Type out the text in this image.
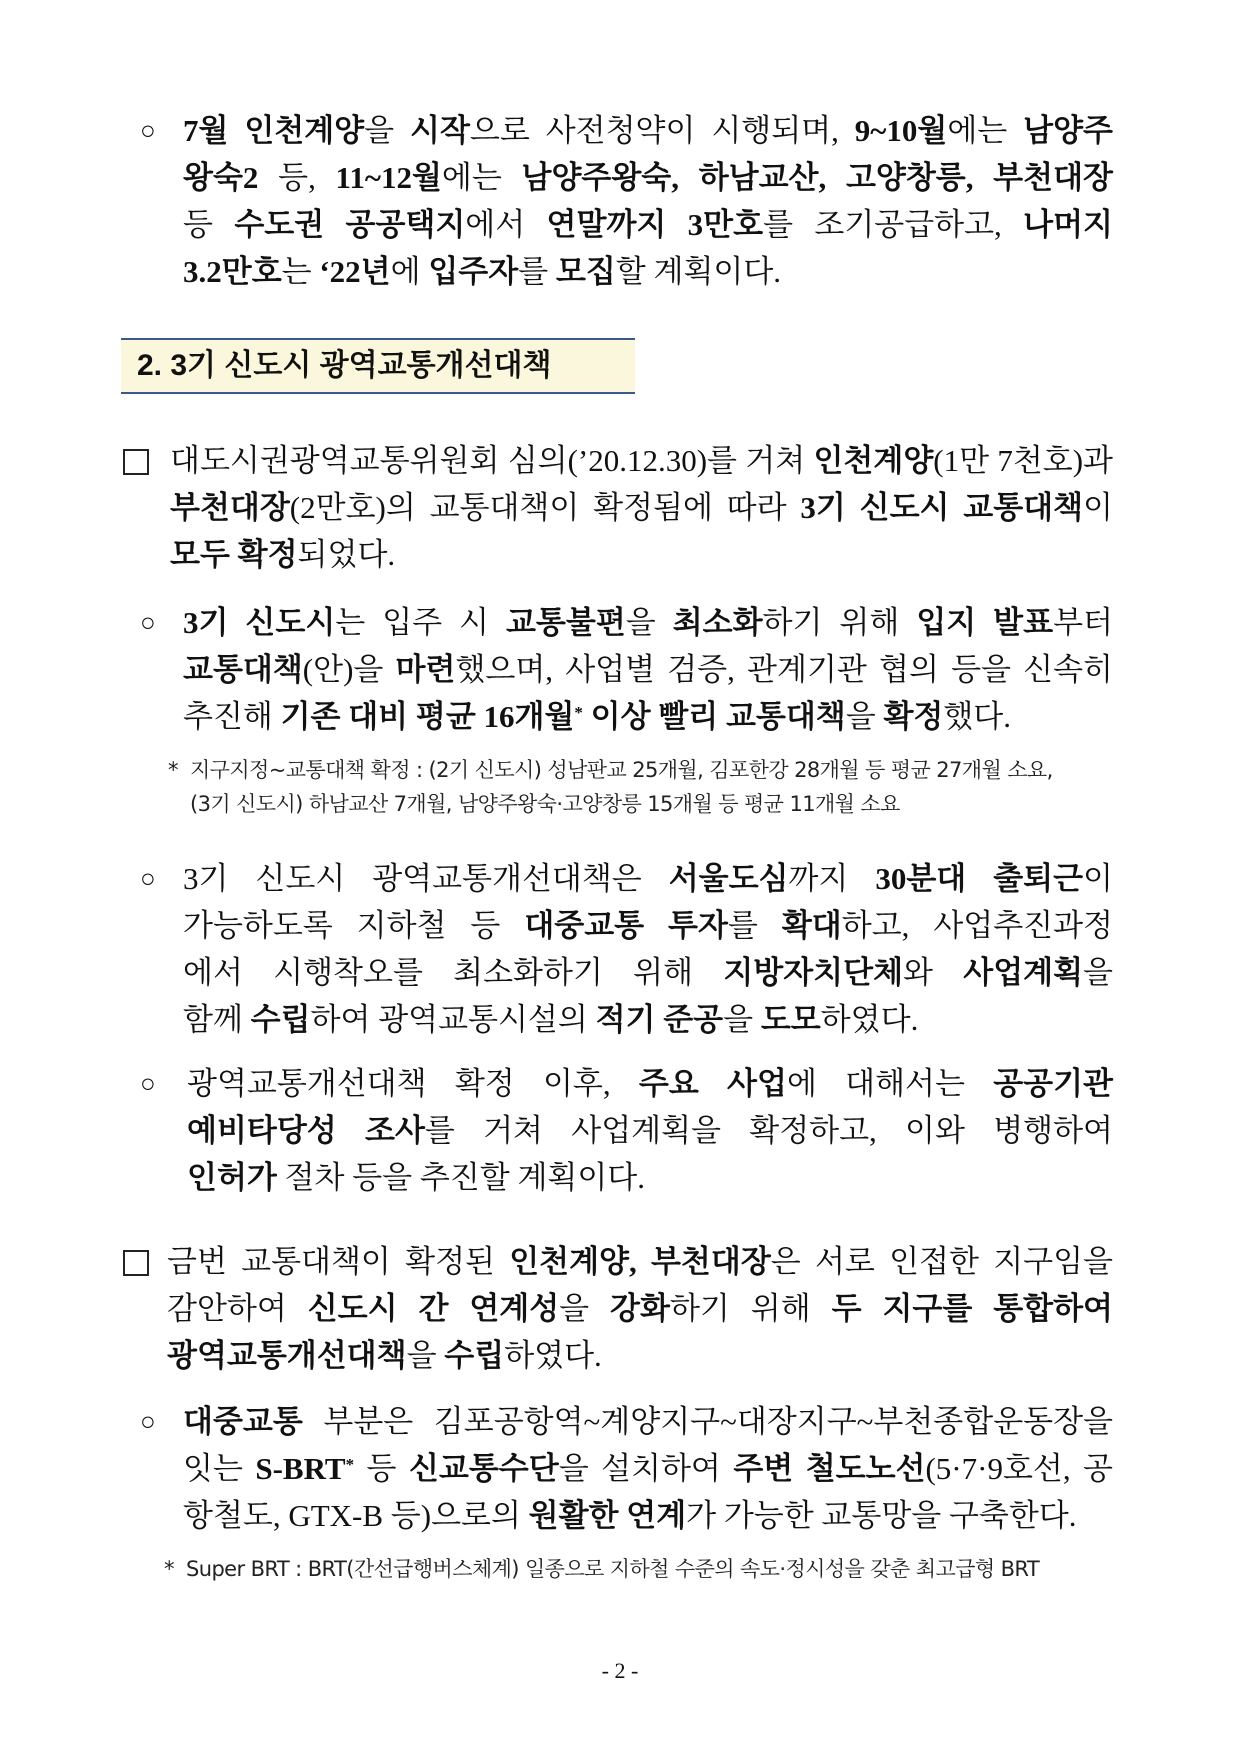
○ 7월 인천계양을 시작으로 사전청약이 시행되며, 9~10월에는 남양주
왕숙2 등, 11~12월에는 남양주왕숙, 하남교산, 고양창릉, 부천대장
등 수도권 공공택지에서 연말까지 3만호를 조기공급하고, 나머지
3.2만호는 ‘22년에 입주자를 모집할 계획이다.
2. 3기 신도시 광역교통개선대책
대도시권광역교통위원회 심의(’20.12.30)를 거쳐 인천계양(1만 7천호)과
부천대장(2만호)의 교통대책이 확정됨에 따라 3기 신도시 교통대책이
모두 확정되었다.
○ 3기 신도시는 입주 시 교통불편을 최소화하기 위해 입지 발표부터
교통대책(안)을 마련했으며, 사업별 검증, 관계기관 협의 등을 신속히
추진해 기존 대비 평균 16개월* 이상 빨리 교통대책을 확정했다.
* 지구지정~교통대책 확정 : (2기 신도시) 성남판교 25개월, 김포한강 28개월 등 평균 27개월 소요,
(3기 신도시) 하남교산 7개월, 남양주왕숙·고양창릉 15개월 등 평균 11개월 소요
○ 3기 신도시 광역교통개선대책은 서울도심까지 30분대 출퇴근이
가능하도록 지하철 등 대중교통 투자를 확대하고, 사업추진과정
에서 시행착오를 최소화하기 위해 지방자치단체와 사업계획을
함께 수립하여 광역교통시설의 적기 준공을 도모하였다.
○ 광역교통개선대책 확정 이후, 주요 사업에 대해서는 공공기관
예비타당성 조사를 거쳐 사업계획을 확정하고, 이와 병행하여
인허가 절차 등을 추진할 계획이다.
금번 교통대책이 확정된 인천계양, 부천대장은 서로 인접한 지구임을
감안하여 신도시 간 연계성을 강화하기 위해 두 지구를 통합하여
광역교통개선대책을 수립하였다.
○ 대중교통 부분은 김포공항역~계양지구~대장지구~부천종합운동장을
잇는 S-BRT* 등 신교통수단을 설치하여 주변 철도노선(5·7·9호선, 공
항철도, GTX-B 등)으로의 원활한 연계가 가능한 교통망을 구축한다.
* Super BRT : BRT(간선급행버스체계) 일종으로 지하철 수준의 속도·정시성을 갖춘 최고급형 BRT
- 2 -
